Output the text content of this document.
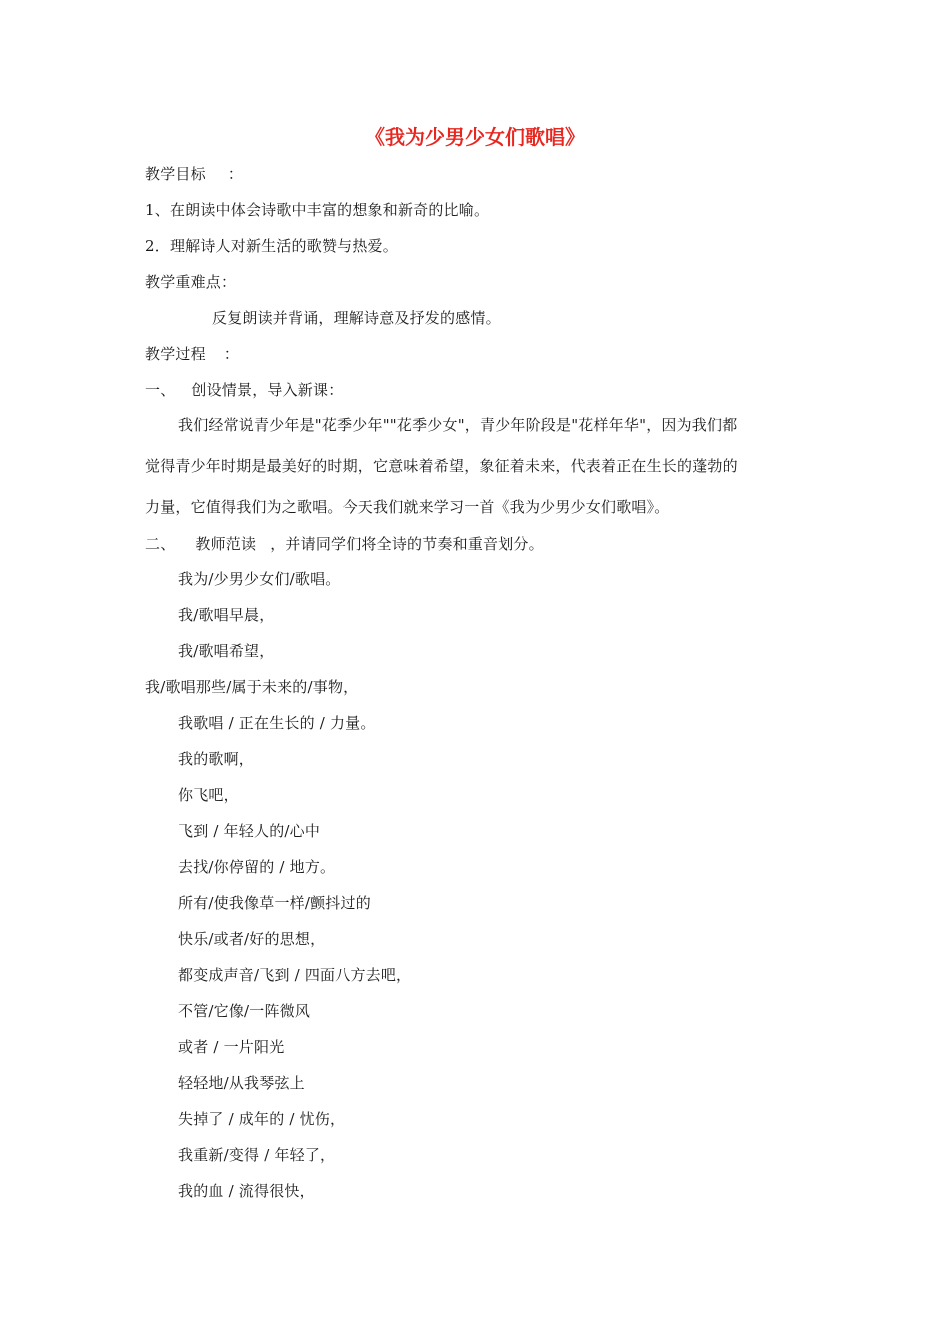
《我为少男少女们歌唱》
教学目标 ：
1、在朗读中体会诗歌中丰富的想象和新奇的比喻。
2．理解诗人对新生活的歌赞与热爱。
教学重难点：
反复朗读并背诵，理解诗意及抒发的感情。
教学过程 ：
一、 创设情景，导入新课：
我们经常说青少年是"花季少年""花季少女"，青少年阶段是"花样年华"，因为我们都
觉得青少年时期是最美好的时期，它意味着希望，象征着未来，代表着正在生长的蓬勃的
力量，它值得我们为之歌唱。今天我们就来学习一首《我为少男少女们歌唱》。
二、 教师范读 ，并请同学们将全诗的节奏和重音划分。
我为/少男少女们/歌唱。
我/歌唱早晨，
我/歌唱希望，
我/歌唱那些/属于未来的/事物，
我歌唱 / 正在生长的 / 力量。
我的歌啊，
你飞吧，
飞到 / 年轻人的/心中
去找/你停留的 / 地方。
所有/使我像草一样/颤抖过的
快乐/或者/好的思想，
都变成声音/飞到 / 四面八方去吧，
不管/它像/一阵微风
或者 / 一片阳光
轻轻地/从我琴弦上
失掉了 / 成年的 / 忧伤，
我重新/变得 / 年轻了，
我的血 / 流得很快，
